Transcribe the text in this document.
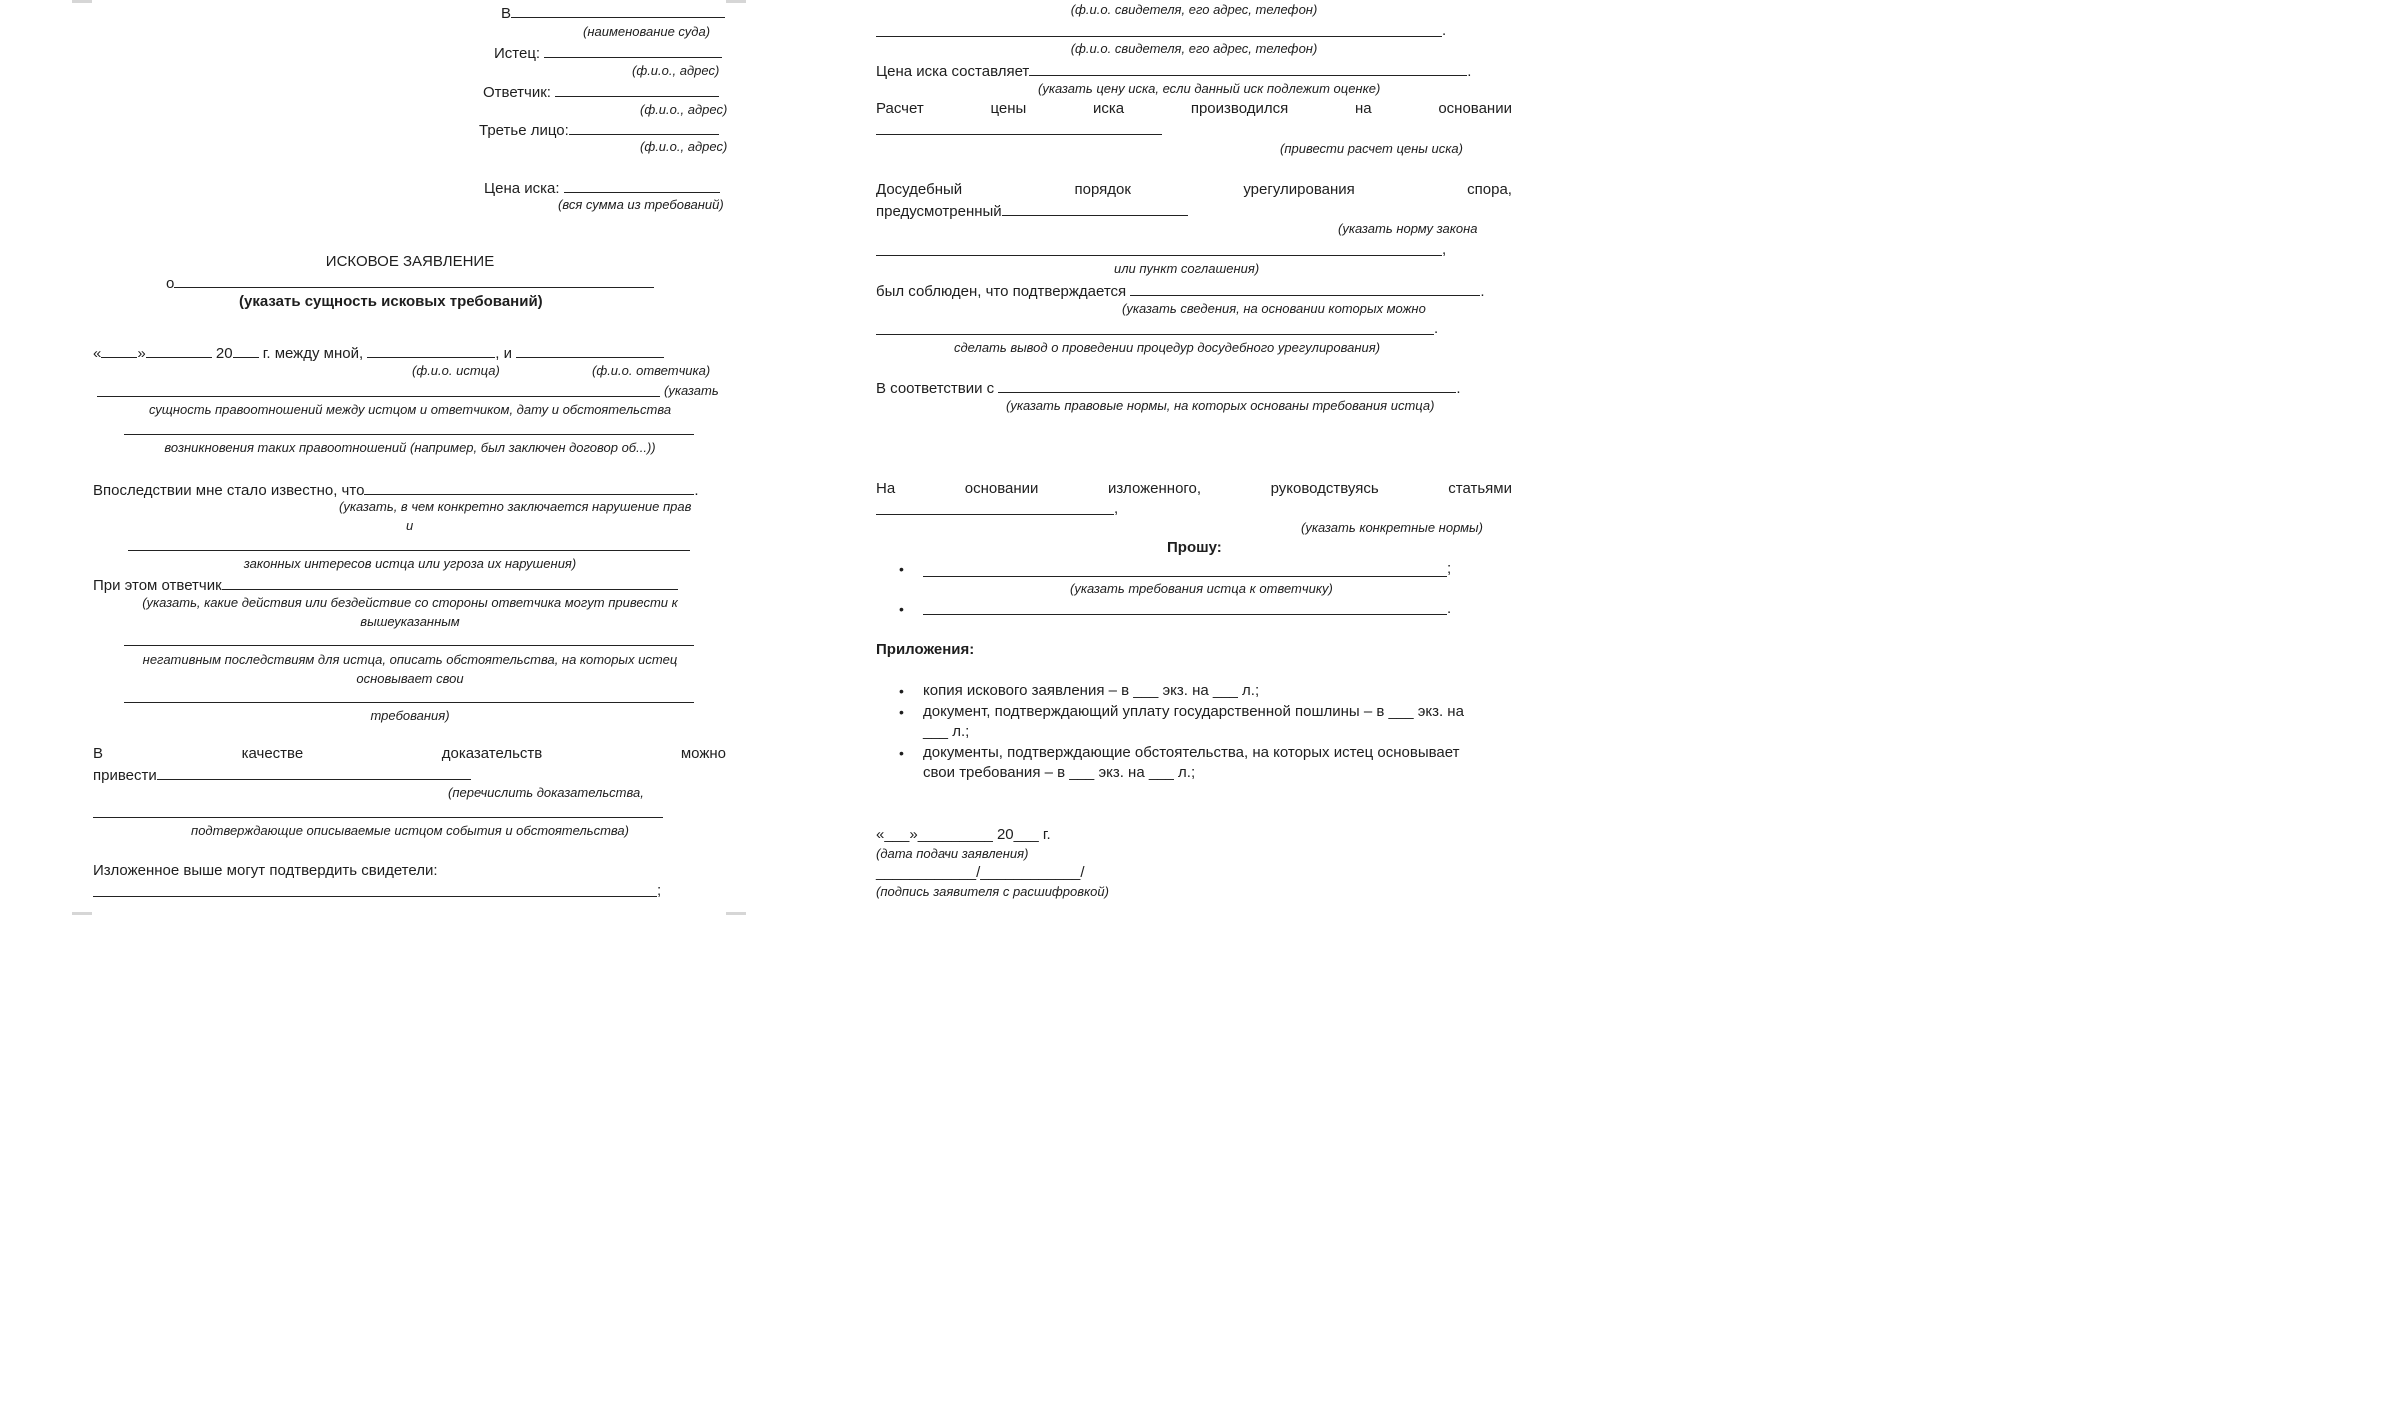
В
(наименование суда)
Истец:
(ф.и.о., адрес)
Ответчик:
(ф.и.о., адрес)
Третье лицо:
(ф.и.о., адрес)
Цена иска:
(вся сумма из требований)
ИСКОВОЕ ЗАЯВЛЕНИЕ
о
(указать сущность исковых требований)
« »	20 г. между мной,	, и
(ф.и.о. истца)	(ф.и.о. ответчика)
(указать
сущность правоотношений между истцом и ответчиком, дату и обстоятельства
возникновения таких правоотношений (например, был заключен договор об...))
Впоследствии мне стало известно, что	.
(указать, в чем конкретно заключается нарушение прав
и
законных интересов истца или угроза их нарушения)
При этом ответчик
(указать, какие действия или бездействие со стороны ответчика могут привести к
вышеуказанным
негативным последствиям для истца, описать обстоятельства, на которых истец
основывает свои
требования)
В	качестве	доказательств	можно
привести
(перечислить доказательства,
подтверждающие описываемые истцом события и обстоятельства)
Изложенное выше могут подтвердить свидетели:
;
(ф.и.о. свидетеля, его адрес, телефон)
.
(ф.и.о. свидетеля, его адрес, телефон)
Цена иска составляет	.
(указать цену иска, если данный иск подлежит оценке)
Расчет	цены	иска	производился	на	основании
(привести расчет цены иска)
Досудебный	порядок	урегулирования	спора,
предусмотренный
(указать норму закона
,
или пункт соглашения)
был соблюден, что подтверждается	.
(указать сведения, на основании которых можно
.
сделать вывод о проведении процедур досудебного урегулирования)
В соответствии с	.
(указать правовые нормы, на которых основаны требования истца)
На	основании	изложенного,	руководствуясь	статьями
,
(указать конкретные нормы)
Прошу:
•	;
(указать требования истца к ответчику)
•	.
Приложения:
• копия искового заявления – в ___ экз. на ___ л.;
• документ, подтверждающий уплату государственной пошлины – в ___ экз. на
___ л.;
• документы, подтверждающие обстоятельства, на которых истец основывает
свои требования – в ___ экз. на ___ л.;
«___»_________ 20___ г.
(дата подачи заявления)
____________/____________/
(подпись заявителя с расшифровкой)
